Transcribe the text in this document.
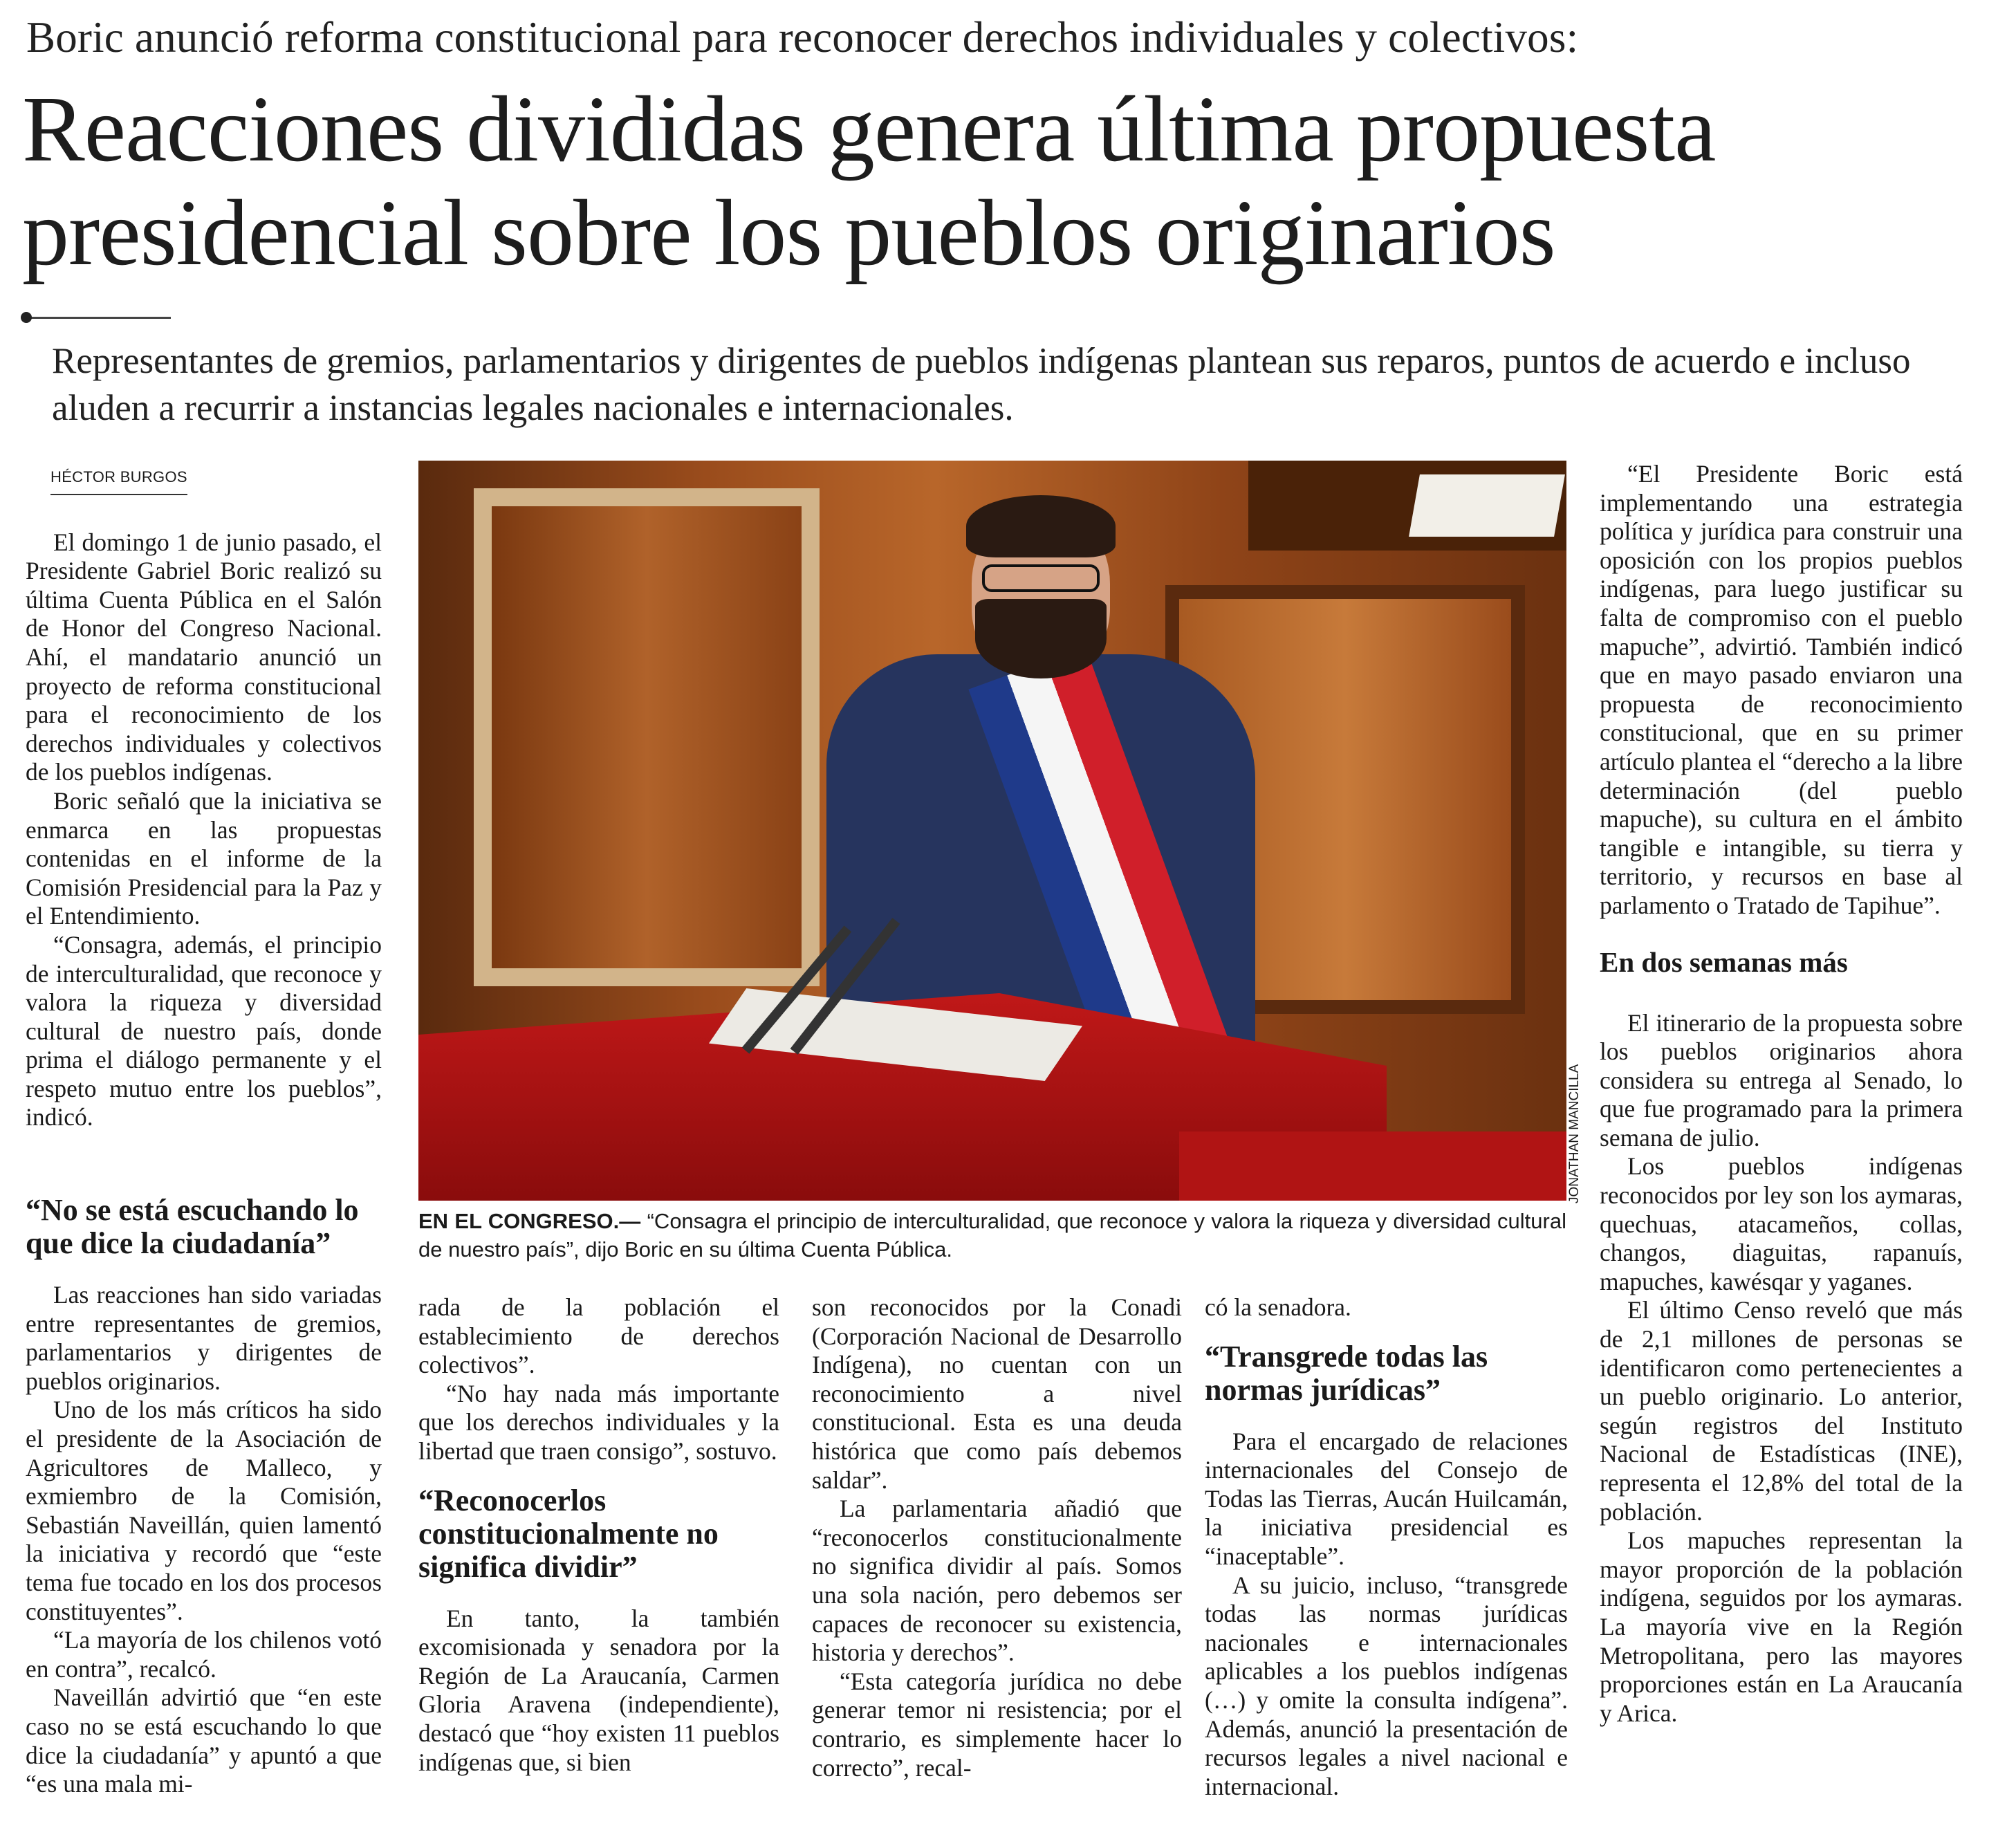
Boric anunció reforma constitucional para reconocer derechos individuales y colectivos:
Reacciones divididas genera última propuesta
presidencial sobre los pueblos originarios
Representantes de gremios, parlamentarios y dirigentes de pueblos indígenas plantean sus reparos, puntos de acuerdo e incluso aluden a recurrir a instancias legales nacionales e internacionales.
HÉCTOR BURGOS

El domingo 1 de junio pasado, el Presidente Gabriel Boric realizó su última Cuenta Pública en el Salón de Honor del Congreso Nacional. Ahí, el mandatario anunció un proyecto de reforma constitucional para el reconocimiento de los derechos individuales y colectivos de los pueblos indígenas.

Boric señaló que la iniciativa se enmarca en las propuestas contenidas en el informe de la Comisión Presidencial para la Paz y el Entendimiento.

“Consagra, además, el principio de interculturalidad, que reconoce y valora la riqueza y diversidad cultural de nuestro país, donde prima el diálogo permanente y el respeto mutuo entre los pueblos”, indicó.

“No se está escuchando lo que dice la ciudadanía”

Las reacciones han sido variadas entre representantes de gremios, parlamentarios y dirigentes de pueblos originarios.

Uno de los más críticos ha sido el presidente de la Asociación de Agricultores de Malleco, y exmiembro de la Comisión, Sebastián Naveillán, quien lamentó la iniciativa y recordó que “este tema fue tocado en los dos procesos constituyentes”.

“La mayoría de los chilenos votó en contra”, recalcó.

Naveillán advirtió que “en este caso no se está escuchando lo que dice la ciudadanía” y apuntó a que “es una mala mi-

rada de la población el establecimiento de derechos colectivos”.

“No hay nada más importante que los derechos individuales y la libertad que traen consigo”, sostuvo.

“Reconocerlos constitucionalmente no significa dividir”

En tanto, la también excomisionada y senadora por la Región de La Araucanía, Carmen Gloria Aravena (independiente), destacó que “hoy existen 11 pueblos indígenas que, si bien

son reconocidos por la Conadi (Corporación Nacional de Desarrollo Indígena), no cuentan con un reconocimiento a nivel constitucional. Esta es una deuda histórica que como país debemos saldar”.

La parlamentaria añadió que “reconocerlos constitucionalmente no significa dividir al país. Somos una sola nación, pero debemos ser capaces de reconocer su existencia, historia y derechos”.

“Esta categoría jurídica no debe generar temor ni resistencia; por el contrario, es simplemente hacer lo correcto”, recal-

có la senadora.

“Transgrede todas las normas jurídicas”

Para el encargado de relaciones internacionales del Consejo de Todas las Tierras, Aucán Huilcamán, la iniciativa presidencial es “inaceptable”.

A su juicio, incluso, “transgrede todas las normas jurídicas nacionales e internacionales aplicables a los pueblos indígenas (…) y omite la consulta indígena”. Además, anunció la presentación de recursos legales a nivel nacional e internacional.

“El Presidente Boric está implementando una estrategia política y jurídica para construir una oposición con los propios pueblos indígenas, para luego justificar su falta de compromiso con el pueblo mapuche”, advirtió. También indicó que en mayo pasado enviaron una propuesta de reconocimiento constitucional, que en su primer artículo plantea el “derecho a la libre determinación (del pueblo mapuche), su cultura en el ámbito tangible e intangible, su tierra y territorio, y recursos en base al parlamento o Tratado de Tapihue”.

En dos semanas más

El itinerario de la propuesta sobre los pueblos originarios ahora considera su entrega al Senado, lo que fue programado para la primera semana de julio.

Los pueblos indígenas reconocidos por ley son los aymaras, quechuas, atacameños, collas, changos, diaguitas, rapanuís, mapuches, kawésqar y yaganes.

El último Censo reveló que más de 2,1 millones de personas se identificaron como pertenecientes a un pueblo originario. Lo anterior, según registros del Instituto Nacional de Estadísticas (INE), representa el 12,8% del total de la población.

Los mapuches representan la mayor proporción de la población indígena, seguidos por los aymaras. La mayoría vive en la Región Metropolitana, pero las mayores proporciones están en La Araucanía y Arica.

JONATHAN MANCILLA
EN EL CONGRESO.— “Consagra el principio de interculturalidad, que reconoce y valora la riqueza y diversidad cultural de nuestro país”, dijo Boric en su última Cuenta Pública.
